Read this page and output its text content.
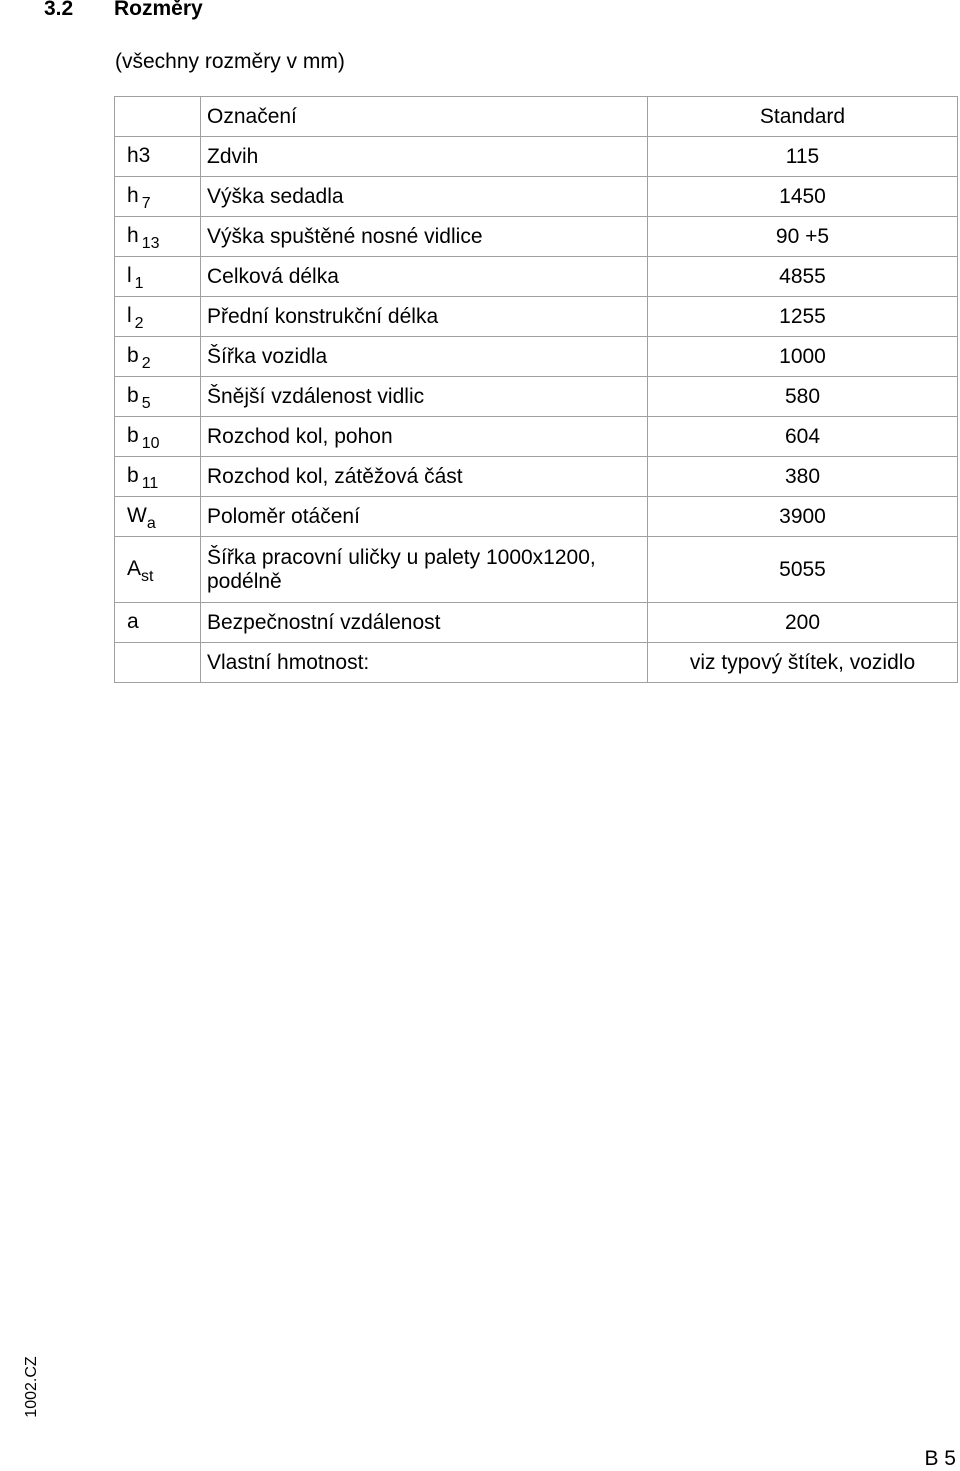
3.2 Rozměry
(všechny rozměry v mm)
	Označení	Standard
h3	Zdvih	115
h $_7$	Výška sedadla	1450
h $_{13}$	Výška spuštěné nosné vidlice	90 +5
l $_1$	Celková délka	4855
l $_2$	Přední konstrukční délka	1255
b $_2$	Šířka vozidla	1000
b $_5$	Šnější vzdálenost vidlic	580
b $_{10}$	Rozchod kol, pohon	604
b $_{11}$	Rozchod kol, zátěžová část	380
$W_a$	Poloměr otáčení	3900
$A_{st}$	Šířka pracovní uličky u palety 1000x1200, podélně	5055
a	Bezpečnostní vzdálenost	200
	Vlastní hmotnost:	viz typový štítek, vozidlo
1002.CZ
B 5
